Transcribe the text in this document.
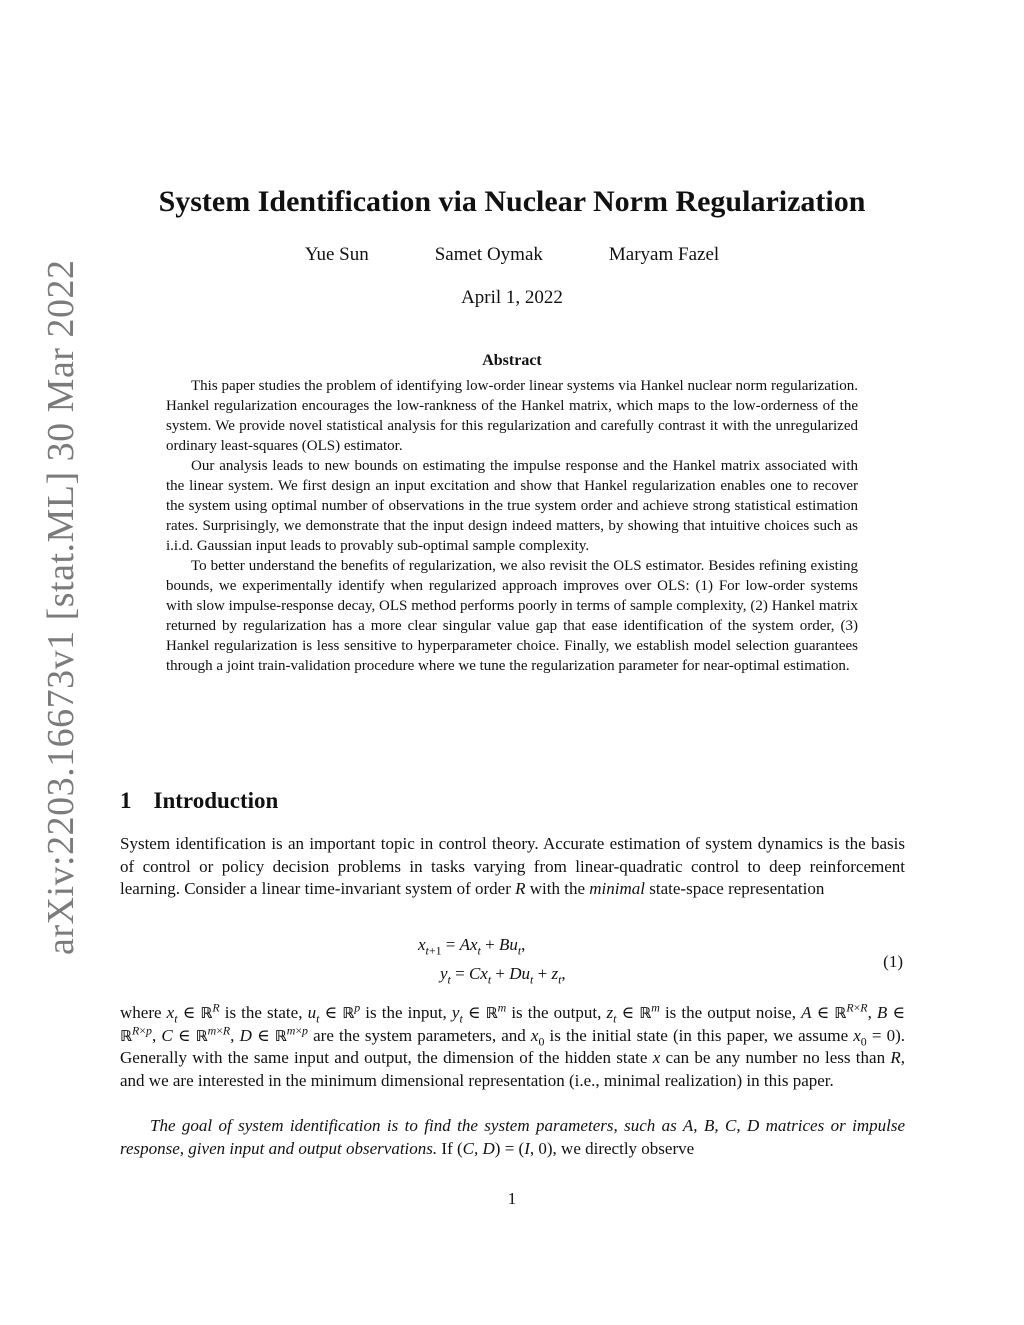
arXiv:2203.16673v1 [stat.ML] 30 Mar 2022
System Identification via Nuclear Norm Regularization
Yue Sun	Samet Oymak	Maryam Fazel
April 1, 2022
Abstract

This paper studies the problem of identifying low-order linear systems via Hankel nuclear norm regularization. Hankel regularization encourages the low-rankness of the Hankel matrix, which maps to the low-orderness of the system. We provide novel statistical analysis for this regularization and carefully contrast it with the unregularized ordinary least-squares (OLS) estimator.

Our analysis leads to new bounds on estimating the impulse response and the Hankel matrix associated with the linear system. We first design an input excitation and show that Hankel regularization enables one to recover the system using optimal number of observations in the true system order and achieve strong statistical estimation rates. Surprisingly, we demonstrate that the input design indeed matters, by showing that intuitive choices such as i.i.d. Gaussian input leads to provably sub-optimal sample complexity.

To better understand the benefits of regularization, we also revisit the OLS estimator. Besides refining existing bounds, we experimentally identify when regularized approach improves over OLS: (1) For low-order systems with slow impulse-response decay, OLS method performs poorly in terms of sample complexity, (2) Hankel matrix returned by regularization has a more clear singular value gap that ease identification of the system order, (3) Hankel regularization is less sensitive to hyperparameter choice. Finally, we establish model selection guarantees through a joint train-validation procedure where we tune the regularization parameter for near-optimal estimation.

1 Introduction

System identification is an important topic in control theory. Accurate estimation of system dynamics is the basis of control or policy decision problems in tasks varying from linear-quadratic control to deep reinforcement learning. Consider a linear time-invariant system of order R with the minimal state-space representation

$x_{t+1} = Ax_t + Bu_t$,
$y_t = Cx_t + Du_t + z_t$,
(1)

where $x_t$ ∈ ℝ$^R$ is the state, $u_t$ ∈ ℝ$^p$ is the input, $y_t$ ∈ ℝ$^m$ is the output, $z_t$ ∈ ℝ$^m$ is the output noise, A ∈ ℝ$^{R\times R}$, B ∈ ℝ$^{R\times p}$, C ∈ ℝ$^{m\times R}$, D ∈ ℝ$^{m\times p}$ are the system parameters, and $x_0$ is the initial state (in this paper, we assume $x_0 = 0$). Generally with the same input and output, the dimension of the hidden state x can be any number no less than R, and we are interested in the minimum dimensional representation (i.e., minimal realization) in this paper.

The goal of system identification is to find the system parameters, such as A, B, C, D matrices or impulse response, given input and output observations. If (C, D) = (I, 0), we directly observe

1
